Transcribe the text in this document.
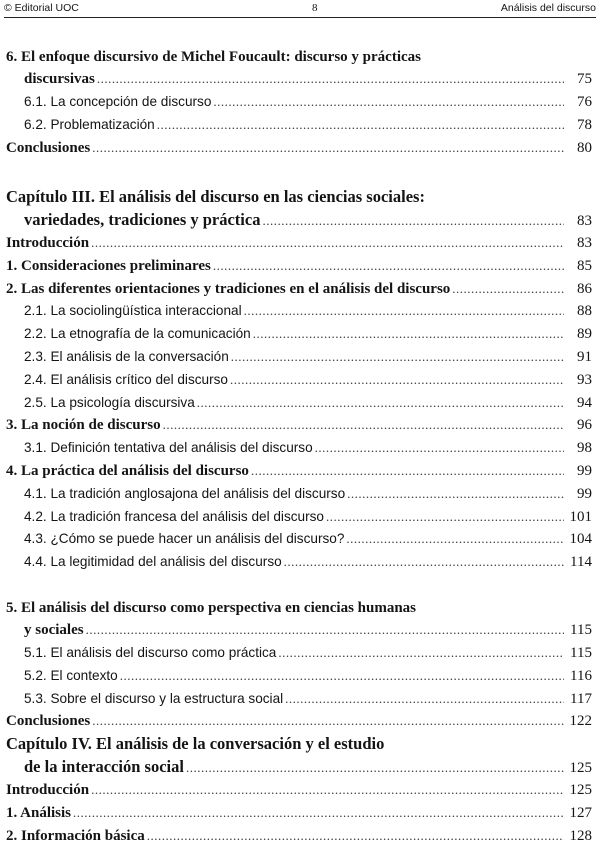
© Editorial UOC	8	Análisis del discurso
6. El enfoque discursivo de Michel Foucault: discurso y prácticas
discursivas .....	75
6.1. La concepción de discurso .....	76
6.2. Problematización .....	78
Conclusiones .....	80
Capítulo III. El análisis del discurso en las ciencias sociales:
variedades, tradiciones y práctica .....	83
Introducción .....	83
1. Consideraciones preliminares .....	85
2. Las diferentes orientaciones y tradiciones en el análisis del discurso .....	86
2.1. La sociolingüística interaccional .....	88
2.2. La etnografía de la comunicación .....	89
2.3. El análisis de la conversación .....	91
2.4. El análisis crítico del discurso .....	93
2.5. La psicología discursiva .....	94
3. La noción de discurso .....	96
3.1. Definición tentativa del análisis del discurso .....	98
4. La práctica del análisis del discurso .....	99
4.1. La tradición anglosajona del análisis del discurso .....	99
4.2. La tradición francesa del análisis del discurso .....	101
4.3. ¿Cómo se puede hacer un análisis del discurso? .....	104
4.4. La legitimidad del análisis del discurso .....	114
5. El análisis del discurso como perspectiva en ciencias humanas
y sociales .....	115
5.1. El análisis del discurso como práctica .....	115
5.2. El contexto .....	116
5.3. Sobre el discurso y la estructura social .....	117
Conclusiones .....	122
Capítulo IV. El análisis de la conversación y el estudio
de la interacción social .....	125
Introducción .....	125
1. Análisis .....	127
2. Información básica .....	128
